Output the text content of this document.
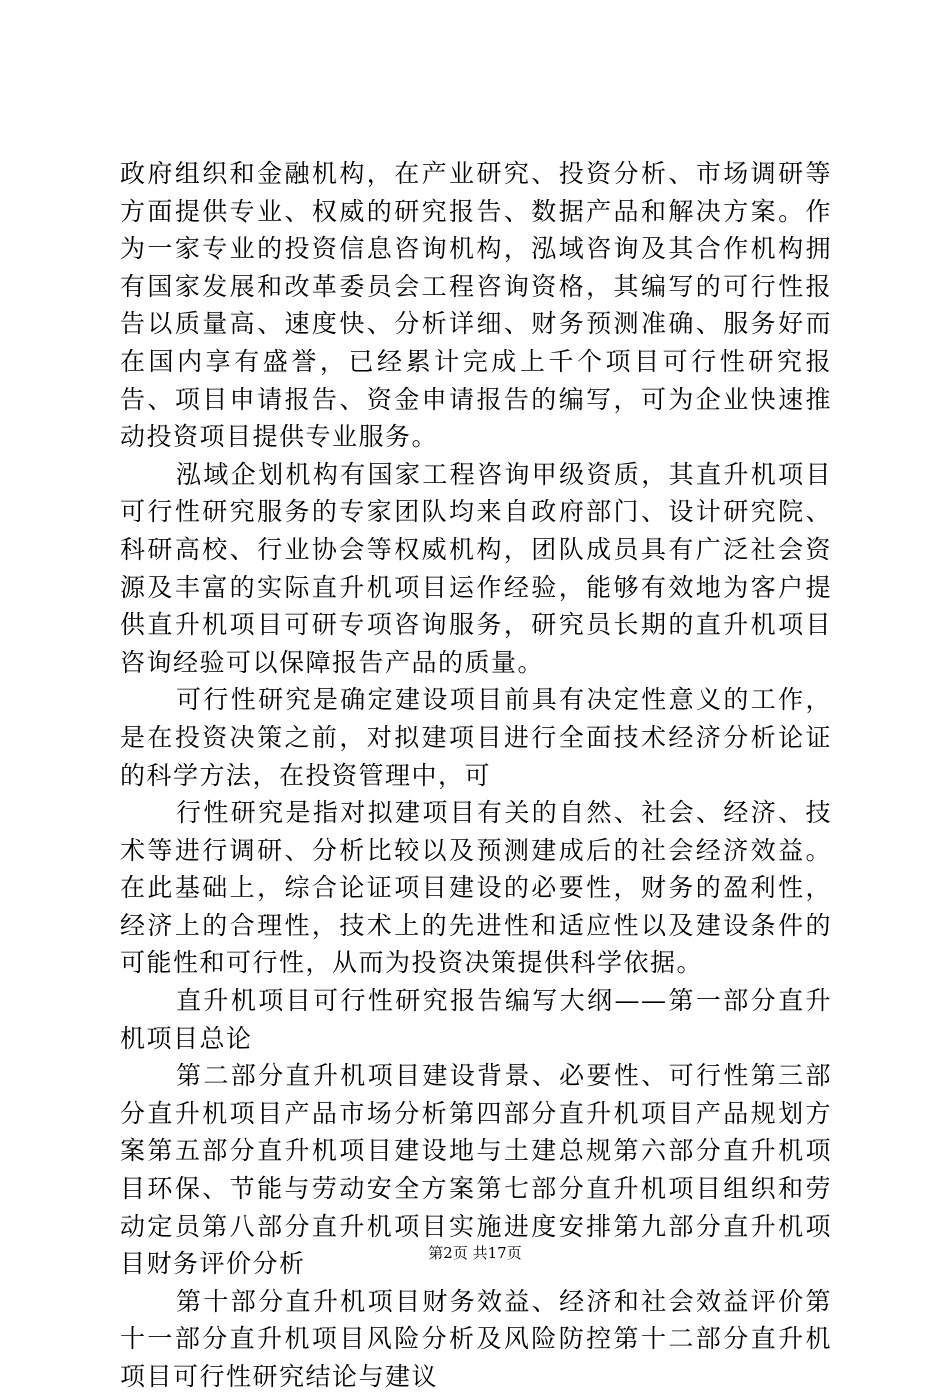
政府组织和金融机构，在产业研究、投资分析、市场调研等方面提供专业、权威的研究报告、数据产品和解决方案。作为一家专业的投资信息咨询机构，泓域咨询及其合作机构拥有国家发展和改革委员会工程咨询资格，其编写的可行性报告以质量高、速度快、分析详细、财务预测准确、服务好而在国内享有盛誉，已经累计完成上千个项目可行性研究报告、项目申请报告、资金申请报告的编写，可为企业快速推动投资项目提供专业服务。

泓域企划机构有国家工程咨询甲级资质，其直升机项目可行性研究服务的专家团队均来自政府部门、设计研究院、科研高校、行业协会等权威机构，团队成员具有广泛社会资源及丰富的实际直升机项目运作经验，能够有效地为客户提供直升机项目可研专项咨询服务，研究员长期的直升机项目咨询经验可以保障报告产品的质量。

可行性研究是确定建设项目前具有决定性意义的工作，是在投资决策之前，对拟建项目进行全面技术经济分析论证的科学方法，在投资管理中，可

行性研究是指对拟建项目有关的自然、社会、经济、技术等进行调研、分析比较以及预测建成后的社会经济效益。在此基础上，综合论证项目建设的必要性，财务的盈利性，经济上的合理性，技术上的先进性和适应性以及建设条件的可能性和可行性，从而为投资决策提供科学依据。

直升机项目可行性研究报告编写大纲——第一部分直升机项目总论

第二部分直升机项目建设背景、必要性、可行性第三部分直升机项目产品市场分析第四部分直升机项目产品规划方案第五部分直升机项目建设地与土建总规第六部分直升机项目环保、节能与劳动安全方案第七部分直升机项目组织和劳动定员第八部分直升机项目实施进度安排第九部分直升机项目财务评价分析

第十部分直升机项目财务效益、经济和社会效益评价第十一部分直升机项目风险分析及风险防控第十二部分直升机项目可行性研究结论与建议

第2页 共17页
